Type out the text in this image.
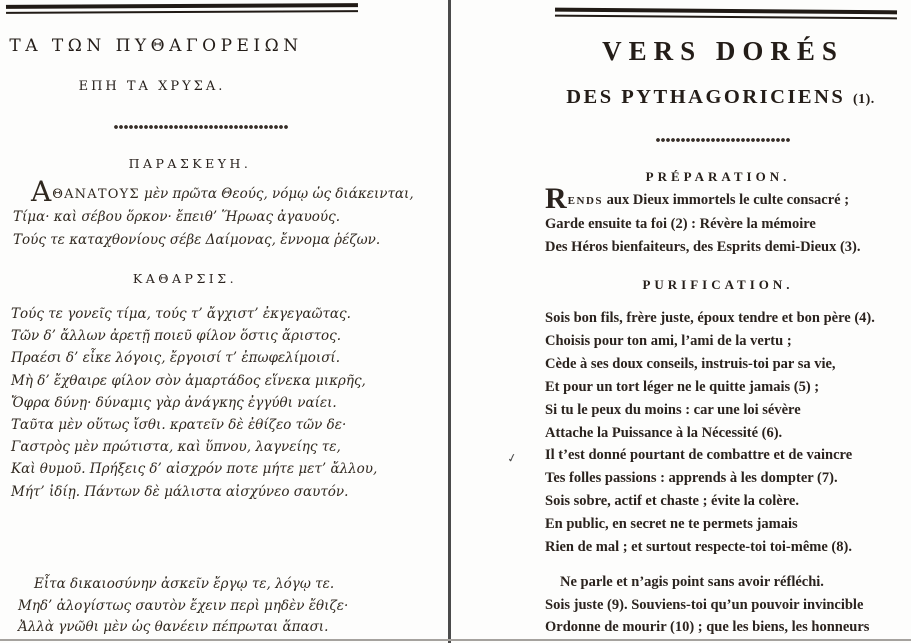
ΤΑ ΤΩΝ ΠΥΘΑΓΟΡΕΙΩΝ
ΕΠΗ ΤΑ ΧΡΥΣΑ.
ΠΑΡΑΣΚΕΥΗ.
ΑΘΑΝΑΤΟΥΣ μὲν πρῶτα Θεούς, νόμῳ ὡς διάκεινται,
Τίμα· καὶ σέβου ὅρκον· ἔπειθ’ Ἥρωας ἀγαυούς.
Τούς τε καταχθονίους σέβε Δαίμονας, ἔννομα ῥέζων.
ΚΑΘΑΡΣΙΣ.
Τούς τε γονεῖς τίμα, τούς τ’ ἄγχιστ’ ἐκγεγαῶτας.
Τῶν δ’ ἄλλων ἀρετῇ ποιεῦ φίλον ὅστις ἄριστος.
Πραέσι δ’ εἶκε λόγοις, ἔργοισί τ’ ἐπωφελίμοισί.
Μὴ δ’ ἔχθαιρε φίλον σὸν ἁμαρτάδος εἵνεκα μικρῆς,
Ὄφρα δύνῃ· δύναμις γὰρ ἀνάγκης ἐγγύθι ναίει.
Ταῦτα μὲν οὕτως ἴσθι. κρατεῖν δὲ ἐθίζεο τῶν δε·
Γαστρὸς μὲν πρώτιστα, καὶ ὕπνου, λαγνείης τε,
Καὶ θυμοῦ. Πρήξεις δ’ αἰσχρόν ποτε μήτε μετ’ ἄλλου,
Μήτ’ ἰδίῃ. Πάντων δὲ μάλιστα αἰσχύνεο σαυτόν.
Εἶτα δικαιοσύνην ἀσκεῖν ἔργῳ τε, λόγῳ τε.
Μηδ’ ἀλογίστως σαυτὸν ἔχειν περὶ μηδὲν ἔθιζε·
Ἀλλὰ γνῶθι μὲν ὡς θανέειν πέπρωται ἅπασι.
VERS DORÉS
DES PYTHAGORICIENS (1).
PRÉPARATION.
RENDS aux Dieux immortels le culte consacré ;
Garde ensuite ta foi (2) : Révère la mémoire
Des Héros bienfaiteurs, des Esprits demi-Dieux (3).
PURIFICATION.
Sois bon fils, frère juste, époux tendre et bon père (4).
Choisis pour ton ami, l’ami de la vertu ;
Cède à ses doux conseils, instruis-toi par sa vie,
Et pour un tort léger ne le quitte jamais (5) ;
Si tu le peux du moins : car une loi sévère
Attache la Puissance à la Nécessité (6).
Il t’est donné pourtant de combattre et de vaincre
Tes folles passions : apprends à les dompter (7).
Sois sobre, actif et chaste ; évite la colère.
En public, en secret ne te permets jamais
Rien de mal ; et surtout respecte-toi toi-même (8).
✓
Ne parle et n’agis point sans avoir réfléchi.
Sois juste (9). Souviens-toi qu’un pouvoir invincible
Ordonne de mourir (10) ; que les biens, les honneurs
